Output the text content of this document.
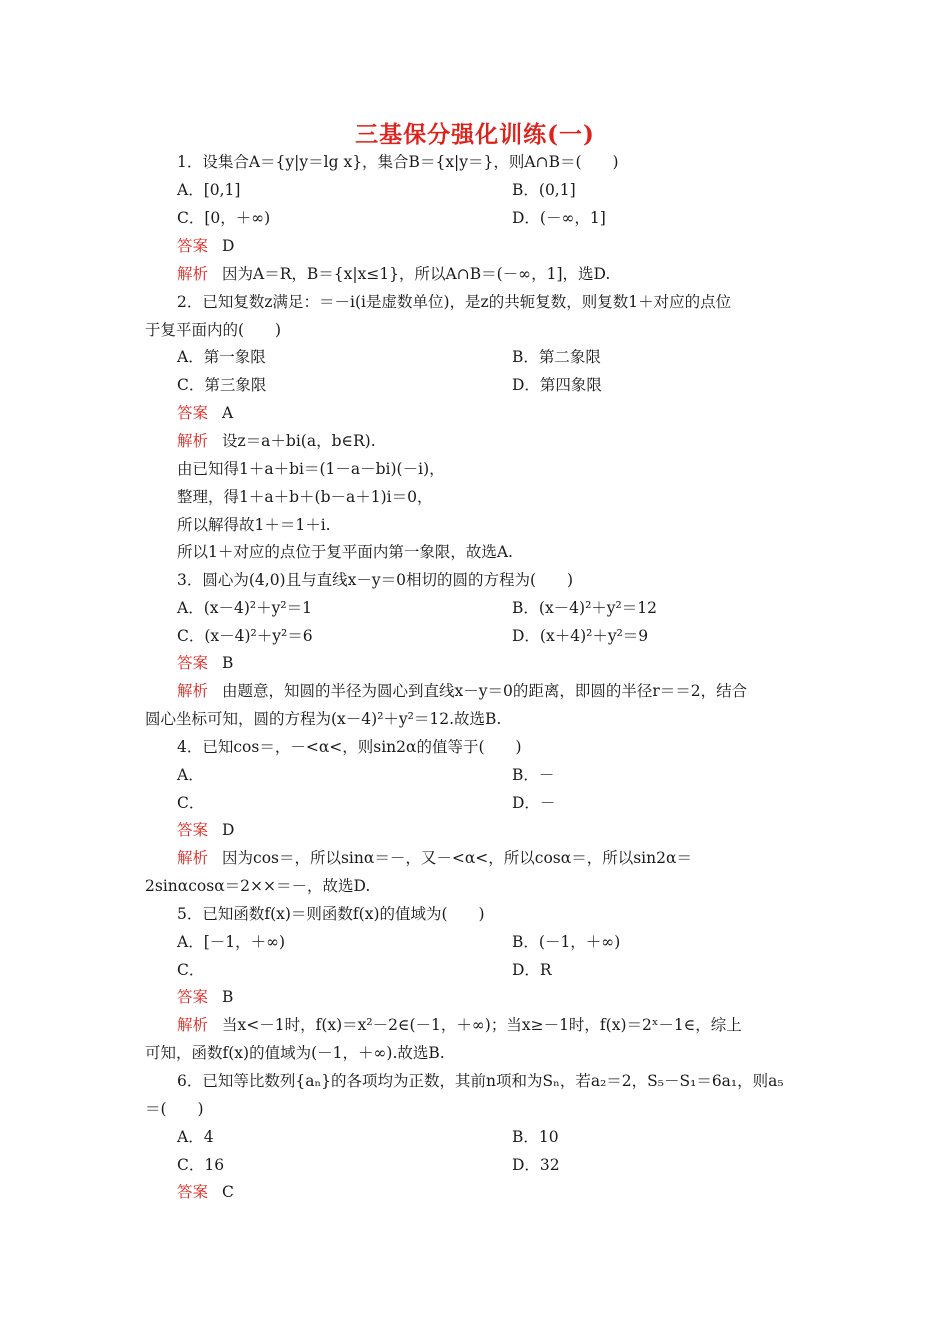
三基保分强化训练(一)
1．设集合A＝{y|y＝lg x}，集合B＝{x|y＝}，则A∩B＝(　　)
A．[0,1]	B．(0,1]
C．[0，＋∞)	D．(－∞，1]
答案 D
解析 因为A＝R，B＝{x|x≤1}，所以A∩B＝(－∞，1]，选D.
2．已知复数z满足：＝－i(i是虚数单位)，是z的共轭复数，则复数1＋对应的点位
于复平面内的(　　)
A．第一象限	B．第二象限
C．第三象限	D．第四象限
答案 A
解析 设z＝a＋bi(a，b∈R).
由已知得1＋a＋bi＝(1－a－bi)(－i)，
整理，得1＋a＋b＋(b－a＋1)i＝0，
所以解得故1＋＝1＋i.
所以1＋对应的点位于复平面内第一象限，故选A.
3．圆心为(4,0)且与直线x－y＝0相切的圆的方程为(　　)
A．(x－4)²＋y²＝1	B．(x－4)²＋y²＝12
C．(x－4)²＋y²＝6	D．(x＋4)²＋y²＝9
答案 B
解析 由题意，知圆的半径为圆心到直线x－y＝0的距离，即圆的半径r＝＝2，结合
圆心坐标可知，圆的方程为(x－4)²＋y²＝12.故选B.
4．已知cos＝，－<α<，则sin2α的值等于(　　)
A．	B．－
C．	D．－
答案 D
解析 因为cos＝，所以sinα＝－，又－<α<，所以cosα＝，所以sin2α＝
2sinαcosα＝2××＝－，故选D.
5．已知函数f(x)＝则函数f(x)的值域为(　　)
A．[－1，＋∞)	B．(－1，＋∞)
C．	D．R
答案 B
解析 当x<－1时，f(x)＝x²－2∈(－1，＋∞)；当x≥－1时，f(x)＝2ˣ－1∈，综上
可知，函数f(x)的值域为(－1，＋∞).故选B.
6．已知等比数列{aₙ}的各项均为正数，其前n项和为Sₙ，若a₂＝2，S₅－S₁＝6a₁，则a₅
＝(　　)
A．4	B．10
C．16	D．32
答案 C
